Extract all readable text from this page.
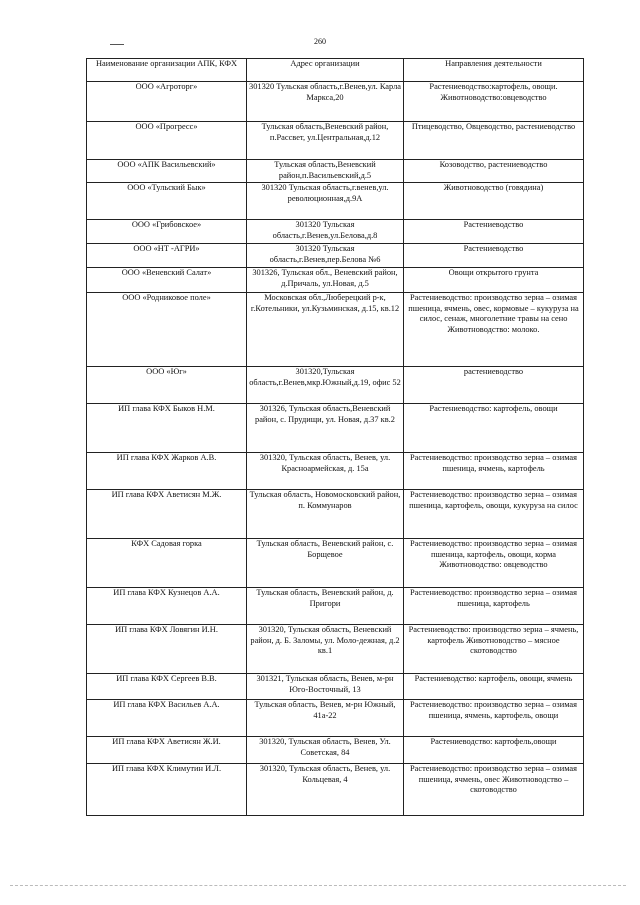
260
Наименование организации АПК, КФХ	Адрес организации	Направления деятельности
ООО «Агроторг»	301320 Тульская область,г.Венев,ул. Карла Маркса,20	Растениеводство:картофель, овощи. Животноводство:овцеводство
ООО «Прогресс»	Тульская область,Веневский район, п.Рассвет, ул.Центральная,д.12	Птицеводство, Овцеводство, растениеводство
ООО «АПК Васильевский»	Тульская область,Веневский район,п.Васильевский,д.5	Козоводство, растениеводство
ООО «Тульский Бык»	301320 Тульская область,г.венев,ул. революционная,д.9А	Животноводство (говядина)
ООО «Грибовское»	301320 Тульская область,г.Венев,ул.Белова,д.8	Растениеводство
ООО «НТ -АГРИ»	301320 Тульская область,г.Венев,пер.Белова №6	Растениеводство
ООО «Веневский Салат»	301326, Тульская обл., Веневский район, д.Причаль, ул.Новая, д.5	Овощи открытого грунта
ООО «Родниковое поле»	Московская обл.,Люберецкий р-к, г.Котельники, ул.Кузьминская, д.15, кв.12	Растениеводство: производство зерна – озимая пшеница, ячмень, овес, кормовые – кукуруза на силос, сенаж, многолетние травы на сено Животноводство: молоко.
ООО «Юг»	301320,Тульская область,г.Венев,мкр.Южный,д.19, офис 52	растениеводство
ИП глава КФХ Быков Н.М.	301326, Тульская область,Веневский район, с. Прудищи, ул. Новая, д.37 кв.2	Растениеводство: картофель, овощи
ИП глава КФХ Жарков А.В.	301320, Тульская область, Венев, ул. Красноармейская, д. 15а	Растениеводство: производство зерна – озимая пшеница, ячмень, картофель
ИП глава КФХ Аветисян М.Ж.	Тульская область, Новомосковский район, п. Коммунаров	Растениеводство: производство зерна – озимая пшеница, картофель, овощи, кукуруза на силос
КФХ Садовая горка	Тульская область, Веневский район, с. Борщевое	Растениеводство: производство зерна – озимая пшеница, картофель, овощи, корма Животноводство: овцеводство
ИП глава КФХ Кузнецов А.А.	Тульская область, Веневский район, д. Пригори	Растениеводство: производство зерна – озимая пшеница, картофель
ИП глава КФХ Ловягин И.Н.	301320, Тульская область, Веневский район, д. Б. Заломы, ул. Моло-дежная, д.2 кв.1	Растениеводство: производство зерна – ячмень, картофель Животноводство – мясное скотоводство
ИП глава КФХ Сергеев В.В.	301321, Тульская область, Венев, м-рн Юго-Восточный, 13	Растениеводство: картофель, овощи, ячмень
ИП глава КФХ Васильев А.А.	Тульская область, Венев, м-рн Южный, 41а-22	Растениеводство: производство зерна – озимая пшеница, ячмень, картофель, овощи
ИП глава КФХ Аветисян Ж.И.	301320, Тульская область, Венев, Ул. Советская, 84	Растениеводство: картофель,овощи
ИП глава КФХ Климутин И.Л.	301320, Тульская область, Венев, ул. Кольцевая, 4	Растениеводство: производство зерна – озимая пшеница, ячмень, овес Животноводство – скотоводство
